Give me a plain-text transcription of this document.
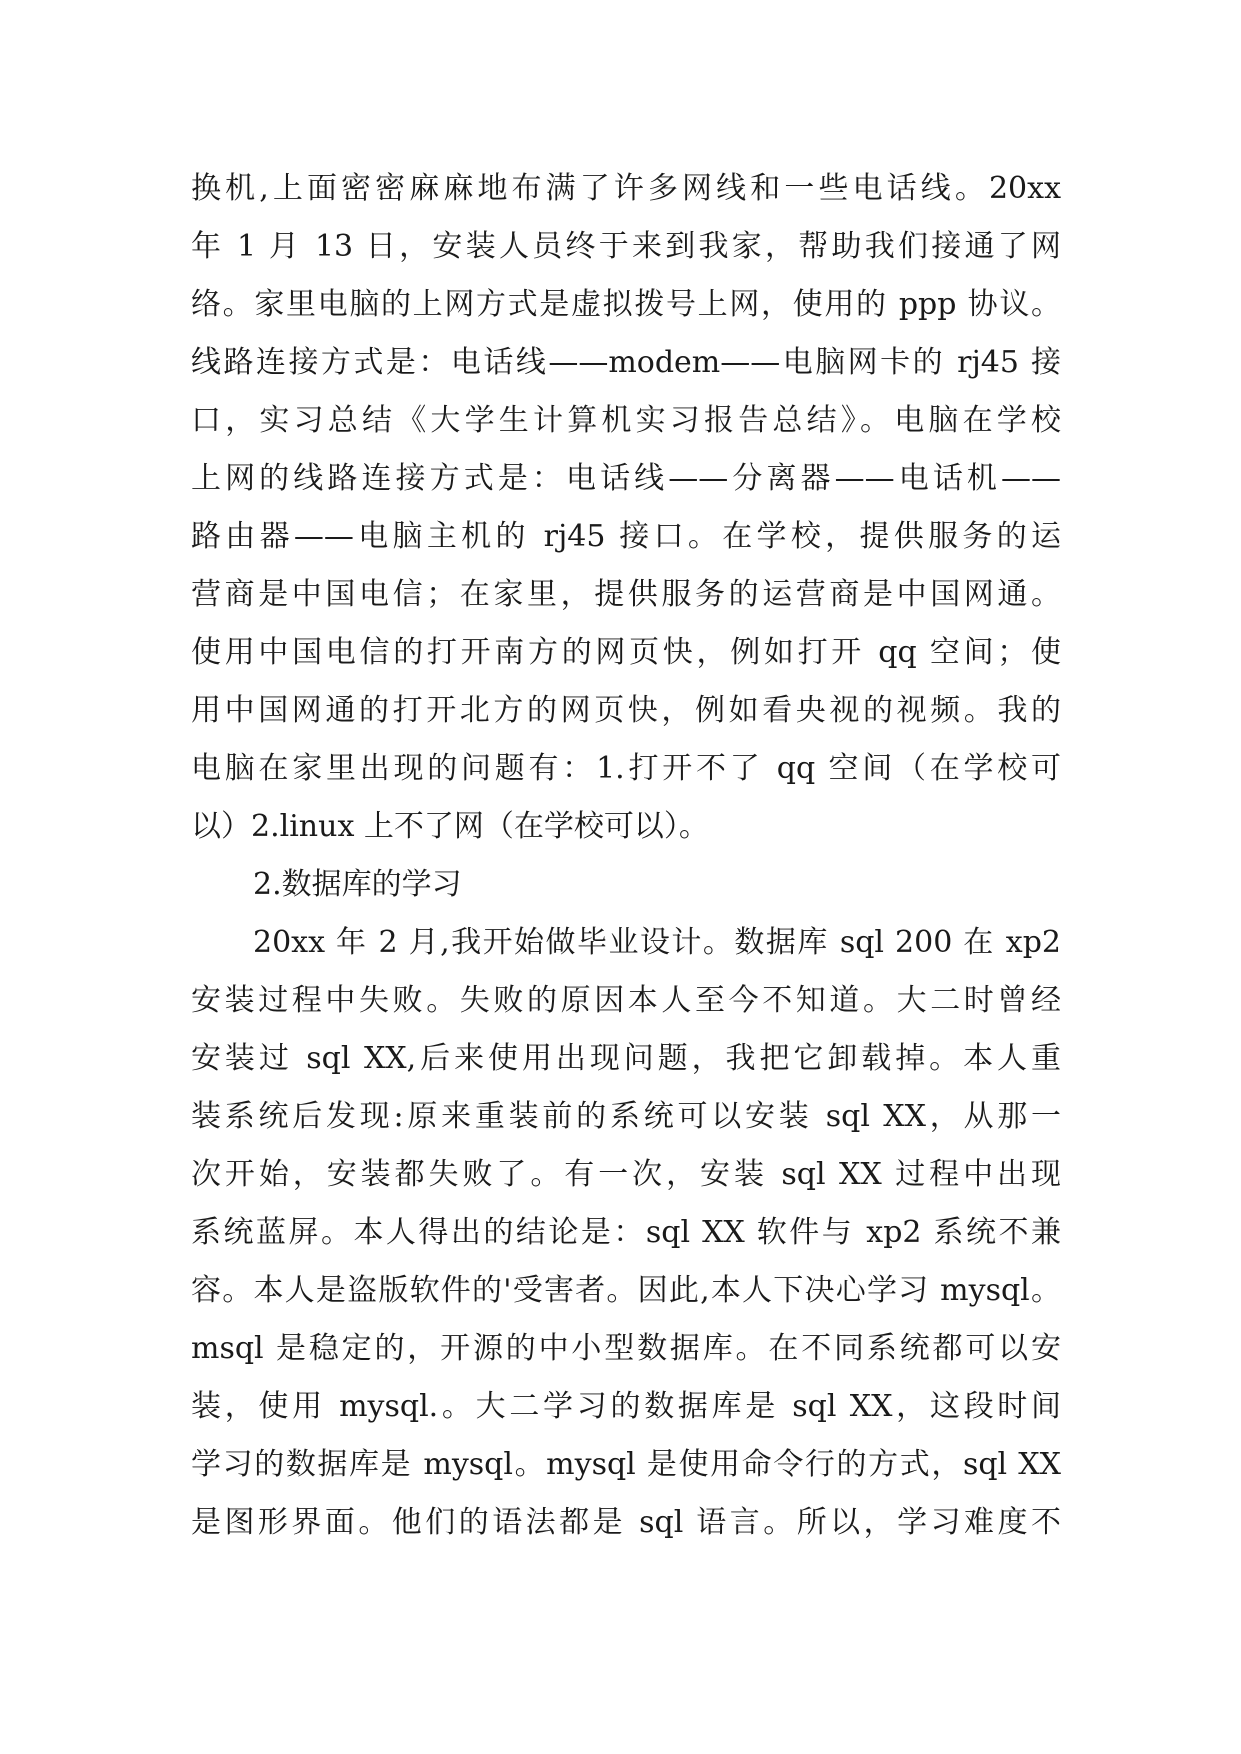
换机,上面密密麻麻地布满了许多网线和一些电话线。20xx
年 1 月 13 日，安装人员终于来到我家，帮助我们接通了网
络。家里电脑的上网方式是虚拟拨号上网，使用的 ppp 协议。
线路连接方式是：电话线——modem——电脑网卡的 rj45 接
口，实习总结《大学生计算机实习报告总结》。电脑在学校
上网的线路连接方式是：电话线——分离器——电话机——
路由器——电脑主机的 rj45 接口。在学校，提供服务的运
营商是中国电信；在家里，提供服务的运营商是中国网通。
使用中国电信的打开南方的网页快，例如打开 qq 空间；使
用中国网通的打开北方的网页快，例如看央视的视频。我的
电脑在家里出现的问题有：1.打开不了 qq 空间（在学校可
以）2.linux 上不了网（在学校可以）。
2.数据库的学习
20xx 年 2 月,我开始做毕业设计。数据库 sql 200 在 xp2
安装过程中失败。失败的原因本人至今不知道。大二时曾经
安装过 sql XX,后来使用出现问题，我把它卸载掉。本人重
装系统后发现:原来重装前的系统可以安装 sql XX，从那一
次开始，安装都失败了。有一次，安装 sql XX 过程中出现
系统蓝屏。本人得出的结论是：sql XX 软件与 xp2 系统不兼
容。本人是盗版软件的'受害者。因此,本人下决心学习 mysql。
msql 是稳定的，开源的中小型数据库。在不同系统都可以安
装，使用 mysql.。大二学习的数据库是 sql XX，这段时间
学习的数据库是 mysql。mysql 是使用命令行的方式，sql XX
是图形界面。他们的语法都是 sql 语言。所以，学习难度不
